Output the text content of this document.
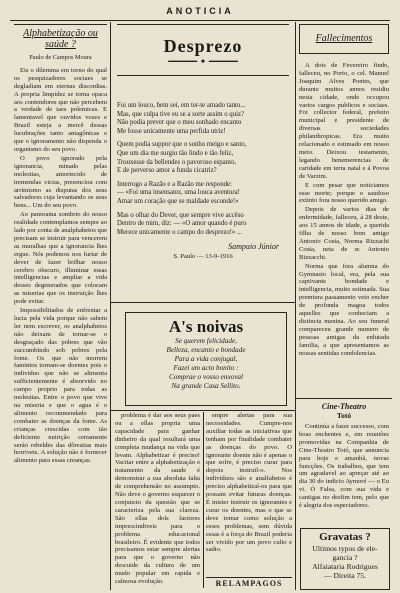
ANOTICIA
Alphabetização ou
saúde ?
Paulo de Campos Moura

Eis o dilemma em torno do qual os pesquizadores sociaes se degladiam em eternas discordias. A propria limpidez se torna opaca aos contendores que não percebem a verdade de taes polemicas. E lamentavel que ouvidos vozes e Brazil esteja a mercê dessas lucubrações tanto antagônicas e que o ignoramento não dispenda o organismo do seu povo.

O povo ignorado pela ignorancia, minado pelas molestias, amortecido de tremendas vicias, presenciou com arrimismo as disputas dos seus salvadores cuja levantando os seus bens... Um do seu povo.

Ao panorama sombrio do nosso realidade contemplamos sempre ao lado por conta de analphabetos que precisam se instruir para vencerem as muralhas que a ignorancia lhes ergue. Nós podemos nos furtar de dever de fazer brilhar nosso cerebro obscuro, illuminar essas intelligencias e ampliar a vida desses degenerados que colocam as miserias que os instruição lhes pode evitar.

Impossibilitados de enfrentar a lucta pela vida porque não sabem ler nem escrever, os analphabetos não deixam de tornar-se o desgraçado das pobres que vão succumbindo sob pobres pela fome. Os que não morrem famintos tornam-se doentes pois o individuo que não se alimenta sufficientemente é absorvido no campo proprio para todas as molestias. Entre o povo que vive na miseria e que o agua é o alimento recommendado para combater as doenças da fome. As crianças crescidas com tão deficiente nutrição certamente serão rebeldes das dôrestias mais horriveis. A solução não é fornecer alimento para essas creanças.

Desprezo
━━━━━━ ✦ ━━━━━━
Foi um louco, bem sei, em ter-te amado tanto...
Mas, que culpa tive eu se a sorte assim o quiz?
Não podia prever que o meu sonhado encanto
Me fosse unicamente uma perfida utriz!
Quem podia suppor que o sonho meigo e santo,
Que um dia me surgiu tão lindo e tão feliz,
Trouxesse da bellendes o pavoroso espanto,
E de perverso amor a funda cicatriz?
Interrogo a Razão e a Razão me responde:
— «Foi uma insensatez, uma louca aventura!
Amar um coração que se maldade esconde!»
Mas o olhar do Dever, que sempre vive accêso
Dentro de mim, diz: — «O amor quando é puro
Merece unicamente o campo do desprezo!» ...
Sampaio Júnior
S. Paulo — 13-9-1916
A's noivas
Se querem felicidade,
Belleza, encanto e bondade
Para a vida conjugal,
Fazei um acto bonito :
Comprae o vosso enxoval
Na grande Casa Sellito.

problema é dar aos seus paes ou a ellas propria uma capacidade para ganhar dinheiro da qual resultará uma completa mudança na vida que levam. Alphabetizar é preciso! Vacitar entre a alphabetização e tratamento da saude é demonstrar a sua absoluta falta de comprehensão no assumpto. Não deve o governo esquecer o conjuncto da questão que se caracteriza pela sua clareza. São ellas doís factores imprescindiveis para o problema educacional brasileiro. É evidente que todos precisamos estar sempre alertas para que o governo não descuide da cultura de um mudo popular em rapida e calmosa evolução.

empre alertas para sua necessidades. Cumpre-nos auxiliar todas as iniciativas que tenham por finalidade combater as doenças do povo. O ignorante doente não é apenas o que sofre, é preciso curar para depois instruil-o. Nos individuos são e analfabetos é preciso alphabetizal-os para que possam evitar futuras doenças. É mister instruir os ignorantes e curar os doentes, mas o que se deve tomar como solução a esses problemas, sem dúvida essas é a força do Brazil poderia ser vivido por um povo culto e sadio.

RELAMPAGOS
Fallecimentos

A dois de Fevereiro findo, falleceu, no Porto, o cel. Manuel Joaquim Alves Pontes, que durante muitos annos residiu nesta cidade, onde occupou varios cargos publicos e sociaes. Foi collector federal, prefeito municipal e presidente de diversas sociedades philanthropicas. Era muito relacionado e estimado em nosso meio. Deixou testamento, legando benemerencias de caridade em terra natal e á Povoa de Varzim.

E com pesar que noticiamos esse morte; porque o saudoso extinto fora nosso querido amigo.

Depois de varios dias de enfermidade, falleceu, á 28 deste, aos 15 annos de idade, a querida filha de nosso bom amigo Antonio Costa, Norma Rizzachi Costa, neta de sr. Antonio Bizzacchi.

Norma que fora alumna do Gymnasio local, era, pela sua captivante bondade e intelligencia, muito estimada. Sua premtura passamento veio encher de profunda magoa todos aquelles que conheciam a distincta menina. Ao seu funeral compareceu grande numero de pessoas amigas da enlutada familia, a que apresentamos as nossas sentidas condolencias.

Cine-Theatro
Totó

Continúa a fazer successo, com boas enchentes e, em reuniões promovidas na Companhia de Cine-Theatro Totó, que annuncia para hoje e amanhã, novas funcções. Os trabalhos, que tem um agradavel ao apreçar até ao dia 30 do indicio Aymoré — o Eu vi. Ó Falsa, com sua vida e cantigas no desfim tem, pelo que é alegria dos espectadores.

Gravatas ?
Ultimos typos de ele-
gancia ?
Alfaiataria Rodrigues
— Direita 75.
